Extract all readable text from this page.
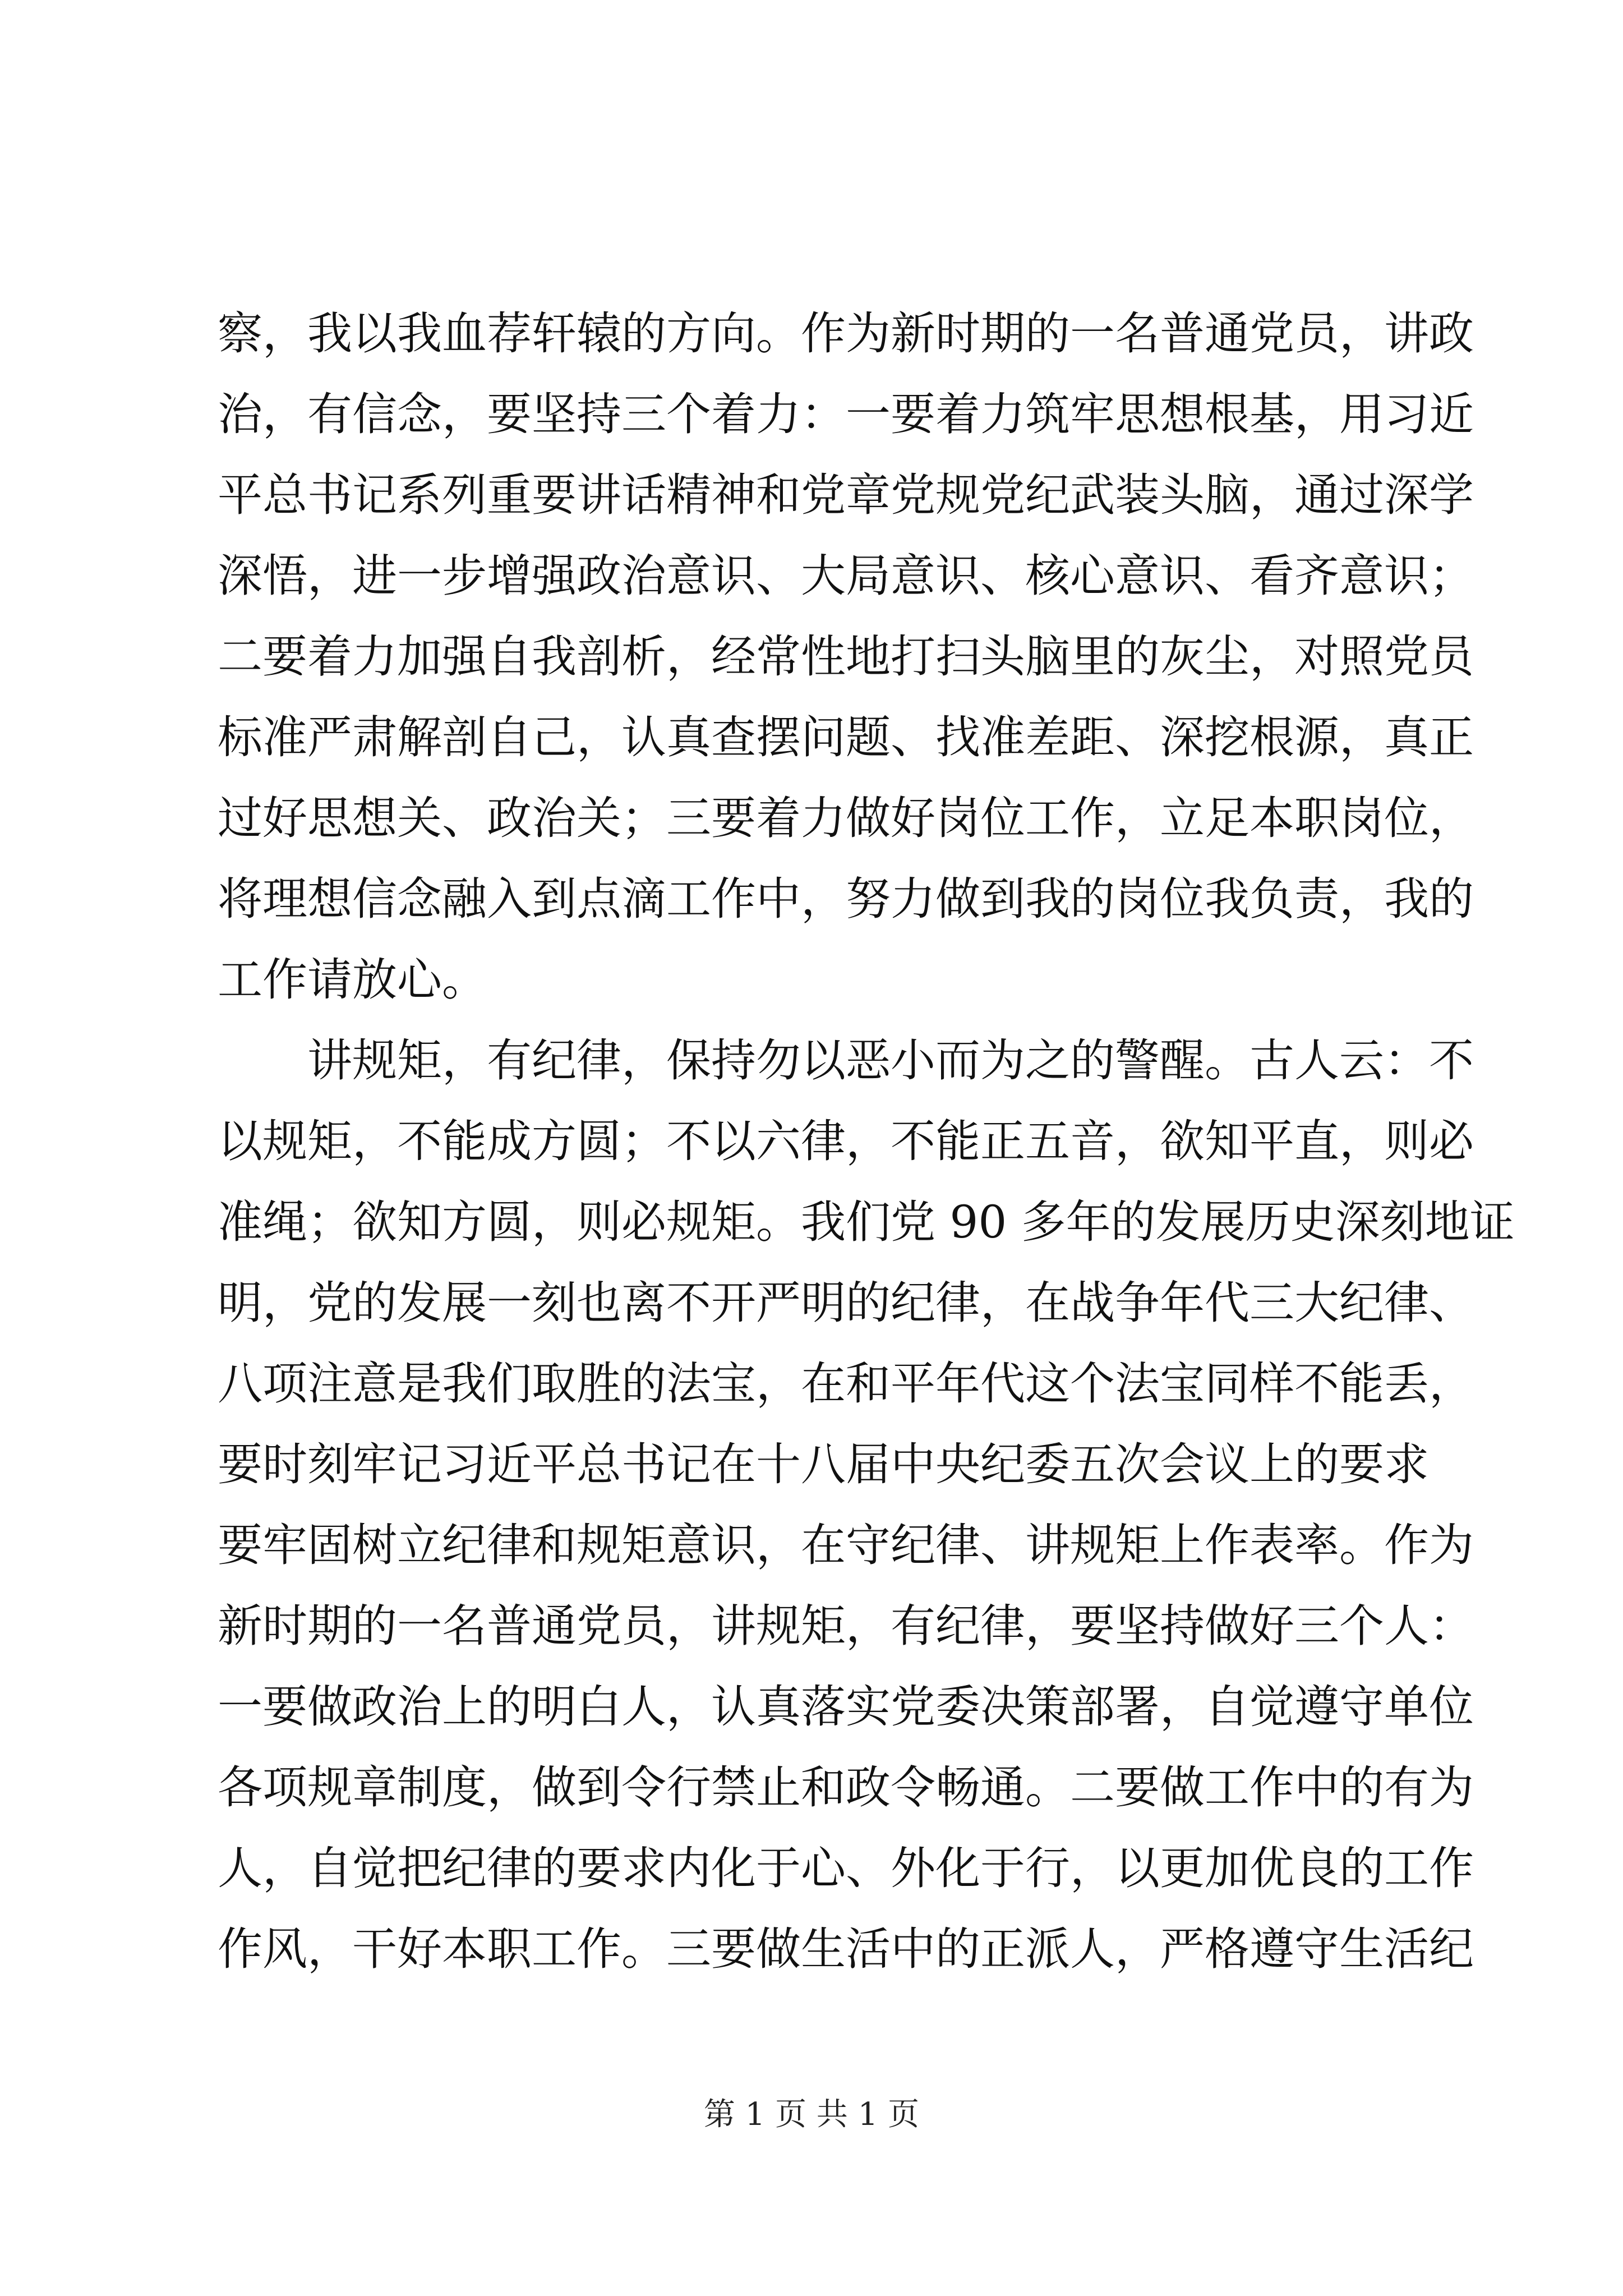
察，我以我血荐轩辕的方向。作为新时期的一名普通党员，讲政
治，有信念，要坚持三个着力：一要着力筑牢思想根基，用习近
平总书记系列重要讲话精神和党章党规党纪武装头脑，通过深学
深悟，进一步增强政治意识、大局意识、核心意识、看齐意识；
二要着力加强自我剖析，经常性地打扫头脑里的灰尘，对照党员
标准严肃解剖自己，认真查摆问题、找准差距、深挖根源，真正
过好思想关、政治关；三要着力做好岗位工作，立足本职岗位，
将理想信念融入到点滴工作中，努力做到我的岗位我负责，我的
工作请放心。
讲规矩，有纪律，保持勿以恶小而为之的警醒。古人云：不
以规矩，不能成方圆；不以六律，不能正五音，欲知平直，则必
准绳；欲知方圆，则必规矩。我们党 90 多年的发展历史深刻地证
明，党的发展一刻也离不开严明的纪律，在战争年代三大纪律、
八项注意是我们取胜的法宝，在和平年代这个法宝同样不能丢，
要时刻牢记习近平总书记在十八届中央纪委五次会议上的要求
要牢固树立纪律和规矩意识，在守纪律、讲规矩上作表率。作为
新时期的一名普通党员，讲规矩，有纪律，要坚持做好三个人：
一要做政治上的明白人，认真落实党委决策部署，自觉遵守单位
各项规章制度，做到令行禁止和政令畅通。二要做工作中的有为
人，自觉把纪律的要求内化于心、外化于行，以更加优良的工作
作风，干好本职工作。三要做生活中的正派人，严格遵守生活纪
第 1 页 共 1 页
